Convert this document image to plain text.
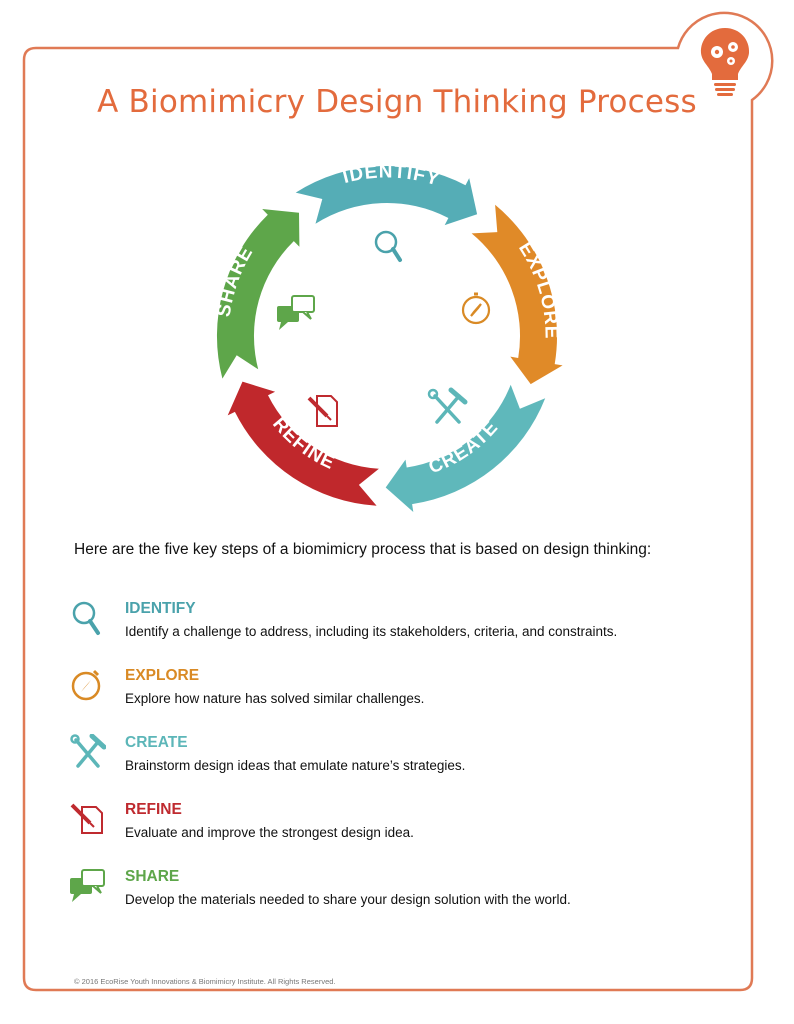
A Biomimicry Design Thinking Process
IDENTIFY
EXPLORE
CREATE
REFINE
SHARE
Here are the five key steps of a biomimicry process that is based on design thinking:
IDENTIFY
Identify a challenge to address, including its stakeholders, criteria, and constraints.
EXPLORE
Explore how nature has solved similar challenges.
CREATE
Brainstorm design ideas that emulate nature’s strategies.
REFINE
Evaluate and improve the strongest design idea.
SHARE
Develop the materials needed to share your design solution with the world.
© 2016 EcoRise Youth Innovations & Biomimicry Institute. All Rights Reserved.
